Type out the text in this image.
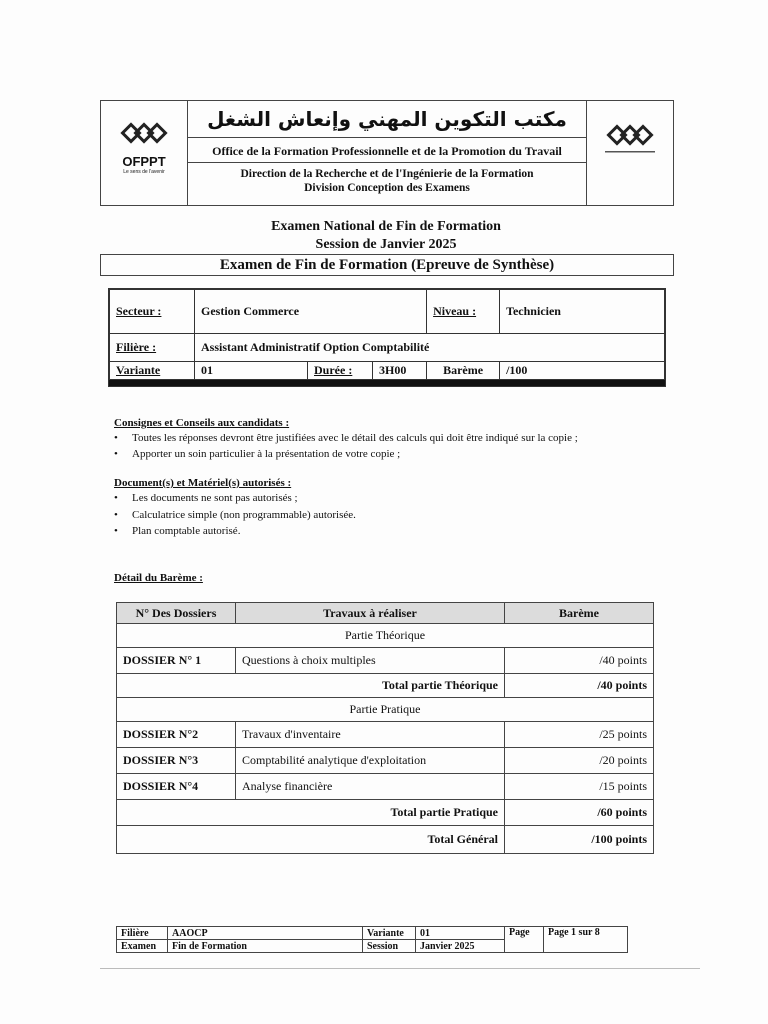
OFPPT
Le sens de l'avenir
مكتب التكوين المهني وإنعاش الشغل
Office de la Formation Professionnelle et de la Promotion du Travail
Direction de la Recherche et de l'Ingénierie de la Formation
Division Conception des Examens
Examen National de Fin de Formation
Session de Janvier 2025
Examen de Fin de Formation (Epreuve de Synthèse)
Secteur :	Gestion Commerce			Niveau :	Technicien
Filière :	Assistant Administratif Option Comptabilité				
Variante	01	Durée :	3H00	Barème	/100
Consignes et Conseils aux candidats :
• Toutes les réponses devront être justifiées avec le détail des calculs qui doit être indiqué sur la copie ;
• Apporter un soin particulier à la présentation de votre copie ;
Document(s) et Matériel(s) autorisés :
• Les documents ne sont pas autorisés ;
• Calculatrice simple (non programmable) autorisée.
• Plan comptable autorisé.
Détail du Barème :
N° Des Dossiers	Travaux à réaliser	Barème
Partie Théorique		
DOSSIER N° 1	Questions à choix multiples	/40 points
Total partie Théorique		/40 points
Partie Pratique		
DOSSIER N°2	Travaux d'inventaire	/25 points
DOSSIER N°3	Comptabilité analytique d'exploitation	/20 points
DOSSIER N°4	Analyse financière	/15 points
Total partie Pratique		/60 points
Total Général		/100 points
Filière	AAOCP	Variante	01	Page	Page 1 sur 8
Examen	Fin de Formation	Session	Janvier 2025		
